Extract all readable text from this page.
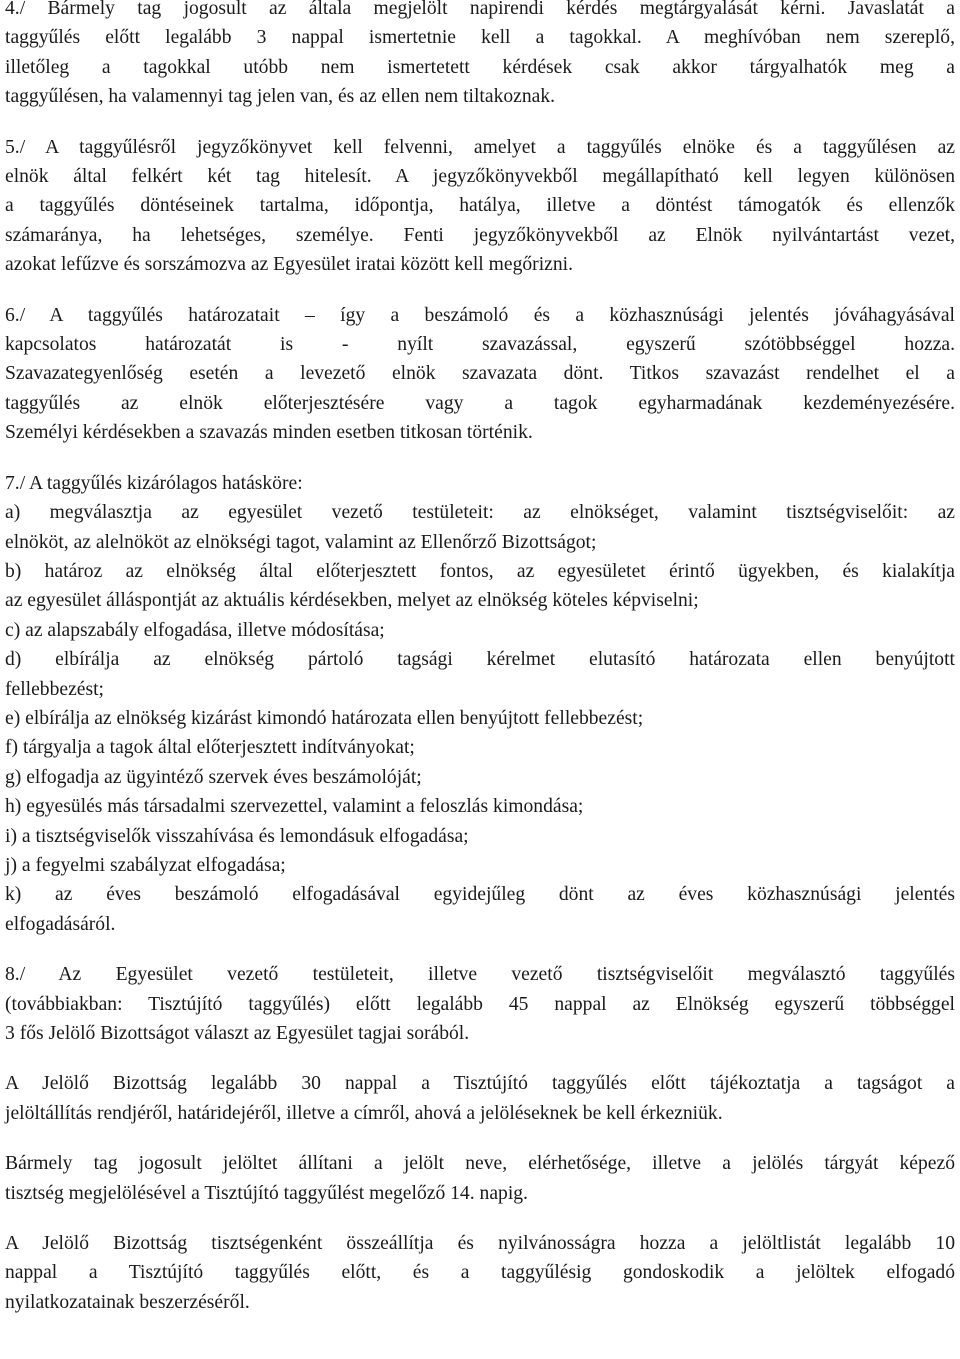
4./ Bármely tag jogosult az általa megjelölt napirendi kérdés megtárgyalását kérni. Javaslatát a
taggyűlés előtt legalább 3 nappal ismertetnie kell a tagokkal. A meghívóban nem szereplő,
illetőleg a tagokkal utóbb nem ismertetett kérdések csak akkor tárgyalhatók meg a
taggyűlésen, ha valamennyi tag jelen van, és az ellen nem tiltakoznak.
5./ A taggyűlésről jegyzőkönyvet kell felvenni, amelyet a taggyűlés elnöke és a taggyűlésen az
elnök által felkért két tag hitelesít. A jegyzőkönyvekből megállapítható kell legyen különösen
a taggyűlés döntéseinek tartalma, időpontja, hatálya, illetve a döntést támogatók és ellenzők
számaránya, ha lehetséges, személye. Fenti jegyzőkönyvekből az Elnök nyilvántartást vezet,
azokat lefűzve és sorszámozva az Egyesület iratai között kell megőrizni.
6./ A taggyűlés határozatait – így a beszámoló és a közhasznúsági jelentés jóváhagyásával
kapcsolatos határozatát is - nyílt szavazással, egyszerű szótöbbséggel hozza.
Szavazategyenlőség esetén a levezető elnök szavazata dönt. Titkos szavazást rendelhet el a
taggyűlés az elnök előterjesztésére vagy a tagok egyharmadának kezdeményezésére.
Személyi kérdésekben a szavazás minden esetben titkosan történik.
7./ A taggyűlés kizárólagos hatásköre:
a) megválasztja az egyesület vezető testületeit: az elnökséget, valamint tisztségviselőit: az
elnököt, az alelnököt az elnökségi tagot, valamint az Ellenőrző Bizottságot;
b) határoz az elnökség által előterjesztett fontos, az egyesületet érintő ügyekben, és kialakítja
az egyesület álláspontját az aktuális kérdésekben, melyet az elnökség köteles képviselni;
c) az alapszabály elfogadása, illetve módosítása;
d) elbírálja az elnökség pártoló tagsági kérelmet elutasító határozata ellen benyújtott
fellebbezést;
e) elbírálja az elnökség kizárást kimondó határozata ellen benyújtott fellebbezést;
f) tárgyalja a tagok által előterjesztett indítványokat;
g) elfogadja az ügyintéző szervek éves beszámolóját;
h) egyesülés más társadalmi szervezettel, valamint a feloszlás kimondása;
i) a tisztségviselők visszahívása és lemondásuk elfogadása;
j) a fegyelmi szabályzat elfogadása;
k) az éves beszámoló elfogadásával egyidejűleg dönt az éves közhasznúsági jelentés
elfogadásáról.
8./ Az Egyesület vezető testületeit, illetve vezető tisztségviselőit megválasztó taggyűlés
(továbbiakban: Tisztújító taggyűlés) előtt legalább 45 nappal az Elnökség egyszerű többséggel
3 fős Jelölő Bizottságot választ az Egyesület tagjai sorából.
A Jelölő Bizottság legalább 30 nappal a Tisztújító taggyűlés előtt tájékoztatja a tagságot a
jelöltállítás rendjéről, határidejéről, illetve a címről, ahová a jelöléseknek be kell érkezniük.
Bármely tag jogosult jelöltet állítani a jelölt neve, elérhetősége, illetve a jelölés tárgyát képező
tisztség megjelölésével a Tisztújító taggyűlést megelőző 14. napig.
A Jelölő Bizottság tisztségenként összeállítja és nyilvánosságra hozza a jelöltlistát legalább 10
nappal a Tisztújító taggyűlés előtt, és a taggyűlésig gondoskodik a jelöltek elfogadó
nyilatkozatainak beszerzéséről.
